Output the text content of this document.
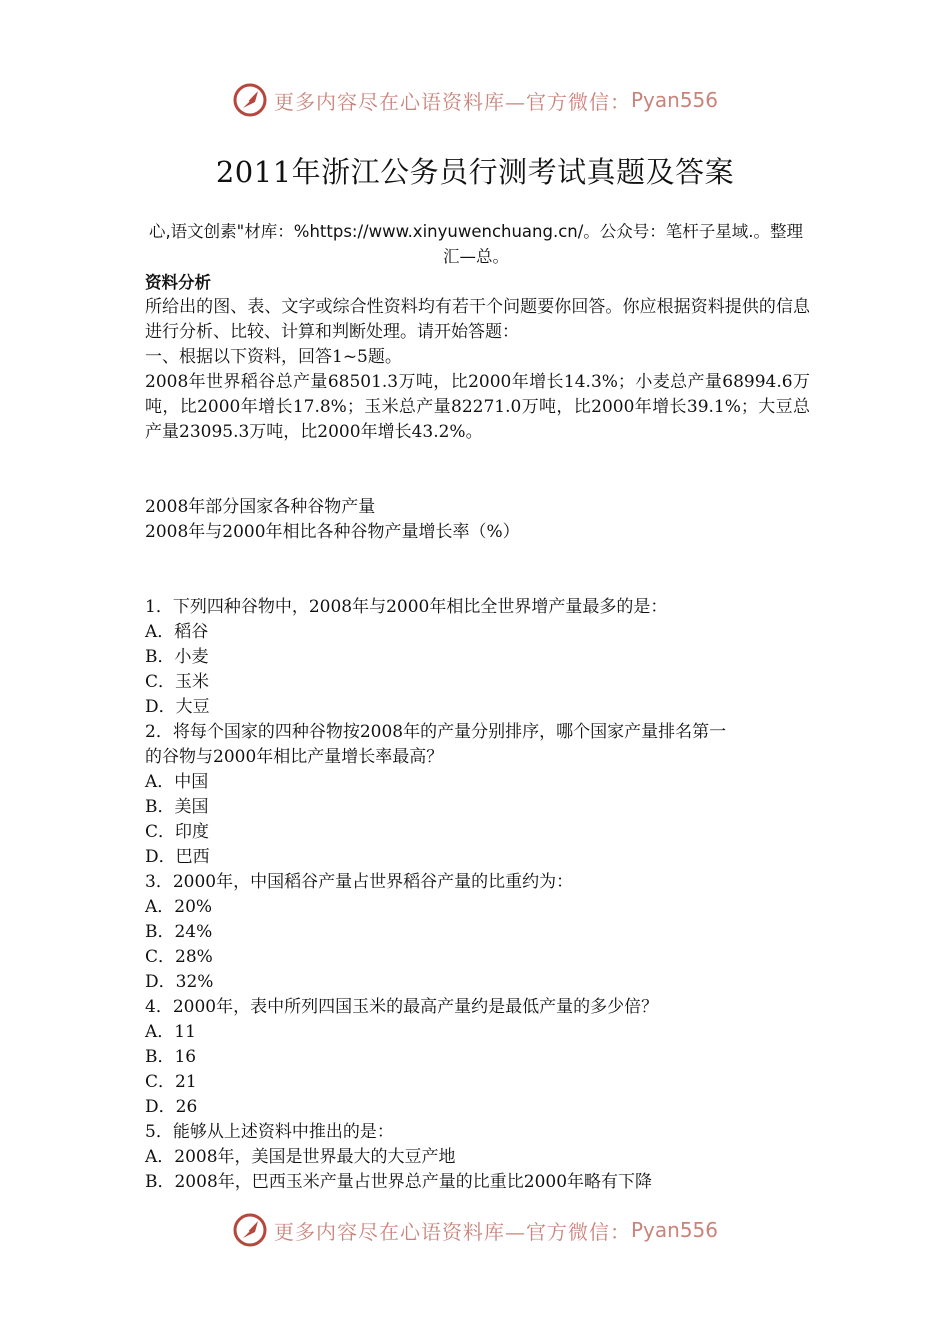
更多内容尽在心语资料库—官方微信： Pyan556
2011年浙江公务员行测考试真题及答案
心,语文创素"材库：%https://www.xinyuwenchuang.cn/。公众号：笔杆子星域.。整理汇—总。
资料分析
所给出的图、表、文字或综合性资料均有若干个问题要你回答。你应根据资料提供的信息进行分析、比较、计算和判断处理。请开始答题：
一、根据以下资料，回答1~5题。
2008年世界稻谷总产量68501.3万吨，比2000年增长14.3%；小麦总产量68994.6万吨，比2000年增长17.8%；玉米总产量82271.0万吨，比2000年增长39.1%；大豆总产量23095.3万吨，比2000年增长43.2%。
2008年部分国家各种谷物产量
2008年与2000年相比各种谷物产量增长率（%）
1．下列四种谷物中，2008年与2000年相比全世界增产量最多的是：
A．稻谷
B．小麦
C．玉米
D．大豆
2．将每个国家的四种谷物按2008年的产量分别排序，哪个国家产量排名第一
的谷物与2000年相比产量增长率最高？
A．中国
B．美国
C．印度
D．巴西
3．2000年，中国稻谷产量占世界稻谷产量的比重约为：
A．20%
B．24%
C．28%
D．32%
4．2000年，表中所列四国玉米的最高产量约是最低产量的多少倍？
A．11
B．16
C．21
D．26
5．能够从上述资料中推出的是：
A．2008年，美国是世界最大的大豆产地
B．2008年，巴西玉米产量占世界总产量的比重比2000年略有下降
更多内容尽在心语资料库—官方微信： Pyan556
